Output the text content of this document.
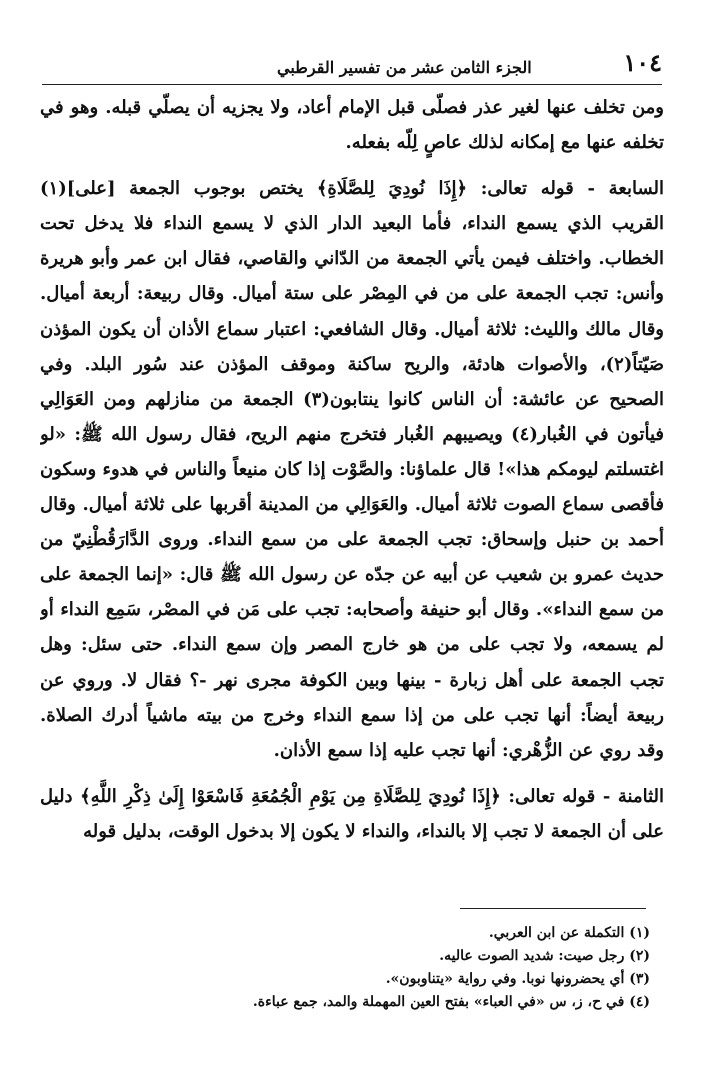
الجزء الثامن عشر من تفسير القرطبي	١٠٤
ومن تخلف عنها لغير عذر فصلّى قبل الإمام أعاد، ولا يجزيه أن يصلّي قبله. وهو في
تخلفه عنها مع إمكانه لذلك عاصٍ لِلّه بفعله.
السابعة - قوله تعالى: ﴿إِذَا نُودِيَ لِلصَّلَاةِ﴾ يختص بوجوب الجمعة [على](١)
القريب الذي يسمع النداء، فأما البعيد الدار الذي لا يسمع النداء فلا يدخل تحت
الخطاب. واختلف فيمن يأتي الجمعة من الدّاني والقاصي، فقال ابن عمر وأبو هريرة
وأنس: تجب الجمعة على من في المِصْر على ستة أميال. وقال ربيعة: أربعة أميال.
وقال مالك والليث: ثلاثة أميال. وقال الشافعي: اعتبار سماع الأذان أن يكون المؤذن
صَيّتاً(٢)، والأصوات هادئة، والريح ساكنة وموقف المؤذن عند سُور البلد. وفي
الصحيح عن عائشة: أن الناس كانوا ينتابون(٣) الجمعة من منازلهم ومن العَوَالِي
فيأتون في الغُبار(٤) ويصيبهم الغُبار فتخرج منهم الريح، فقال رسول الله ﷺ: «لو
اغتسلتم ليومكم هذا»! قال علماؤنا: والصَّوْت إذا كان منيعاً والناس في هدوء وسكون
فأقصى سماع الصوت ثلاثة أميال. والعَوَالِي من المدينة أقربها على ثلاثة أميال. وقال
أحمد بن حنبل وإسحاق: تجب الجمعة على من سمع النداء. وروى الدَّارَقُطْنِيّ من
حديث عمرو بن شعيب عن أبيه عن جدّه عن رسول الله ﷺ قال: «إنما الجمعة على
من سمع النداء». وقال أبو حنيفة وأصحابه: تجب على مَن في المصْر، سَمِع النداء أو
لم يسمعه، ولا تجب على من هو خارج المصر وإن سمع النداء. حتى سئل: وهل
تجب الجمعة على أهل زبارة - بينها وبين الكوفة مجرى نهر -؟ فقال لا. وروي عن
ربيعة أيضاً: أنها تجب على من إذا سمع النداء وخرج من بيته ماشياً أدرك الصلاة.
وقد روي عن الزُّهْري: أنها تجب عليه إذا سمع الأذان.
الثامنة - قوله تعالى: ﴿إِذَا نُودِيَ لِلصَّلَاةِ مِن يَوْمِ الْجُمُعَةِ فَاسْعَوْا إِلَىٰ ذِكْرِ اللَّهِ﴾ دليل
على أن الجمعة لا تجب إلا بالنداء، والنداء لا يكون إلا بدخول الوقت، بدليل قوله
(١) التكملة عن ابن العربي.
(٢) رجل صيت: شديد الصوت عاليه.
(٣) أي يحضرونها نوبا. وفي رواية «يتناوبون».
(٤) في ح، ز، س «في العباء» بفتح العين المهملة والمد، جمع عباءة.
